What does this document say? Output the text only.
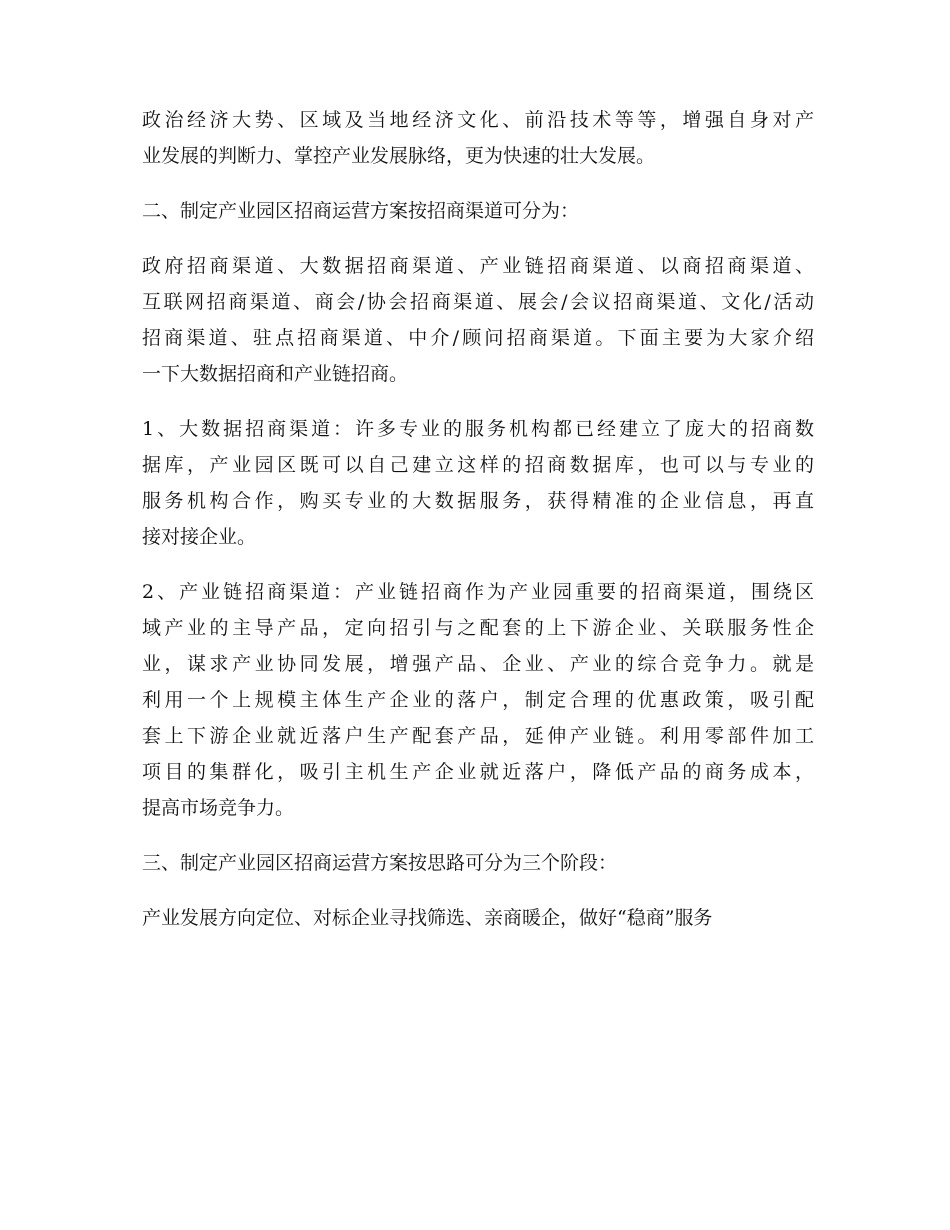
政治经济大势、区域及当地经济文化、前沿技术等等，增强自身对产
业发展的判断力、掌控产业发展脉络，更为快速的壮大发展。
二、制定产业园区招商运营方案按招商渠道可分为：
政府招商渠道、大数据招商渠道、产业链招商渠道、以商招商渠道、
互联网招商渠道、商会/协会招商渠道、展会/会议招商渠道、文化/活动
招商渠道、驻点招商渠道、中介/顾问招商渠道。下面主要为大家介绍
一下大数据招商和产业链招商。
1、大数据招商渠道：许多专业的服务机构都已经建立了庞大的招商数
据库，产业园区既可以自己建立这样的招商数据库，也可以与专业的
服务机构合作，购买专业的大数据服务，获得精准的企业信息，再直
接对接企业。
2、产业链招商渠道：产业链招商作为产业园重要的招商渠道，围绕区
域产业的主导产品，定向招引与之配套的上下游企业、关联服务性企
业，谋求产业协同发展，增强产品、企业、产业的综合竞争力。就是
利用一个上规模主体生产企业的落户，制定合理的优惠政策，吸引配
套上下游企业就近落户生产配套产品，延伸产业链。利用零部件加工
项目的集群化，吸引主机生产企业就近落户，降低产品的商务成本，
提高市场竞争力。
三、制定产业园区招商运营方案按思路可分为三个阶段：
产业发展方向定位、对标企业寻找筛选、亲商暖企，做好“稳商”服务
